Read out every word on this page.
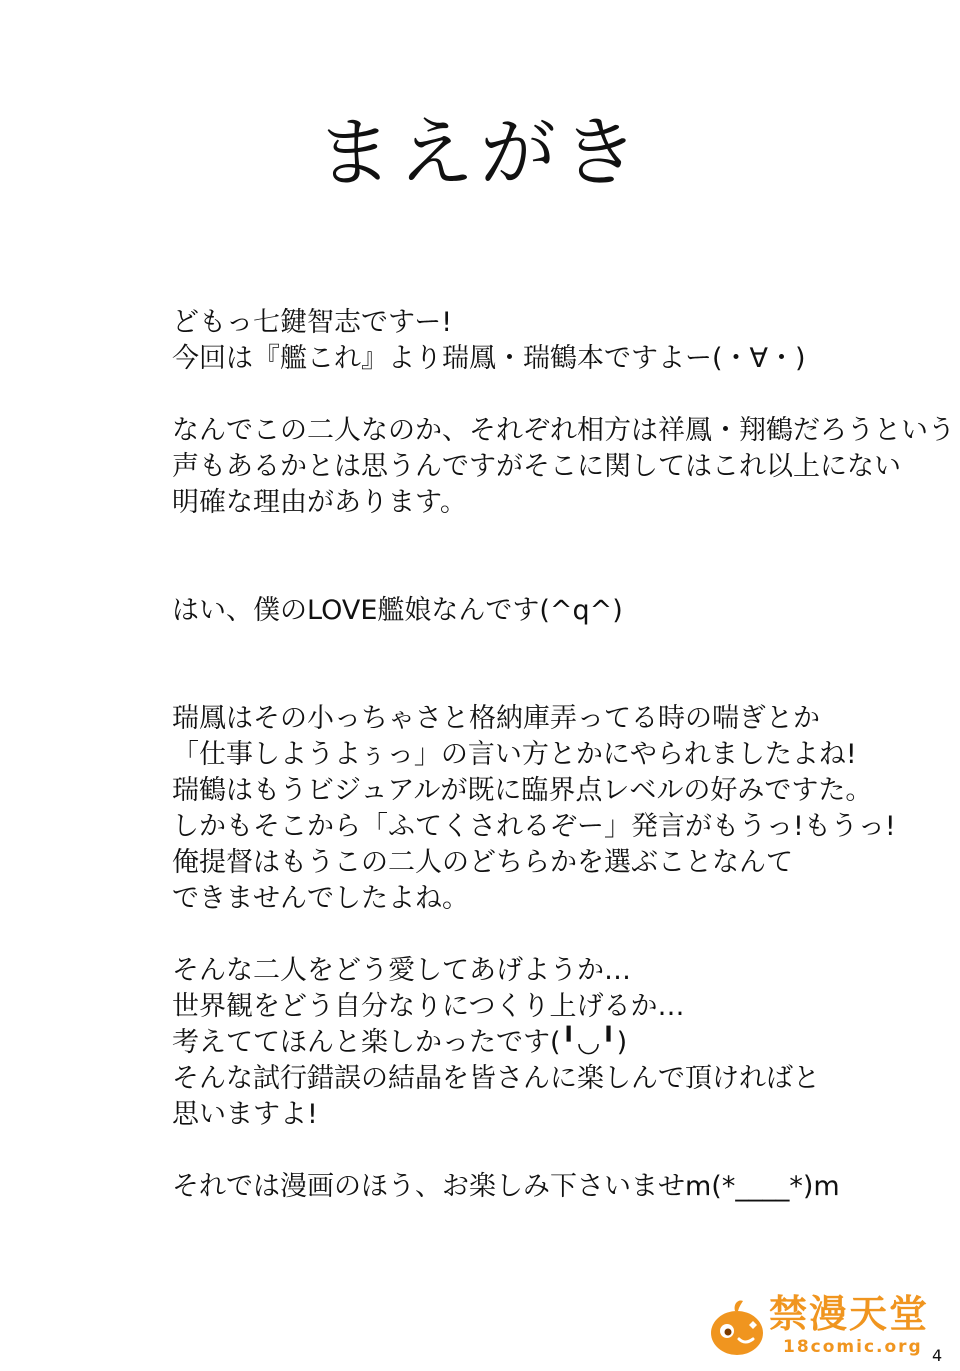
まえがき

どもっ七鍵智志ですー!
今回は『艦これ』より瑞鳳・瑞鶴本ですよー(・∀・)

なんでこの二人なのか、それぞれ相方は祥鳳・翔鶴だろうという
声もあるかとは思うんですがそこに関してはこれ以上にない
明確な理由があります。

はい、僕のLOVE艦娘なんです(^q^)

瑞鳳はその小っちゃさと格納庫弄ってる時の喘ぎとか
「仕事しようよぅっ」の言い方とかにやられましたよね!
瑞鶴はもうビジュアルが既に臨界点レベルの好みですた。
しかもそこから「ふてくされるぞー」発言がもうっ!もうっ!
俺提督はもうこの二人のどちらかを選ぶことなんて
できませんでしたよね。

そんな二人をどう愛してあげようか…
世界観をどう自分なりにつくり上げるか…
考えててほんと楽しかったです(╹◡╹)
そんな試行錯誤の結晶を皆さんに楽しんで頂ければと
思いますよ!

それでは漫画のほう、お楽しみ下さいませm(*____*)m

禁漫天堂
18comic.org 4
